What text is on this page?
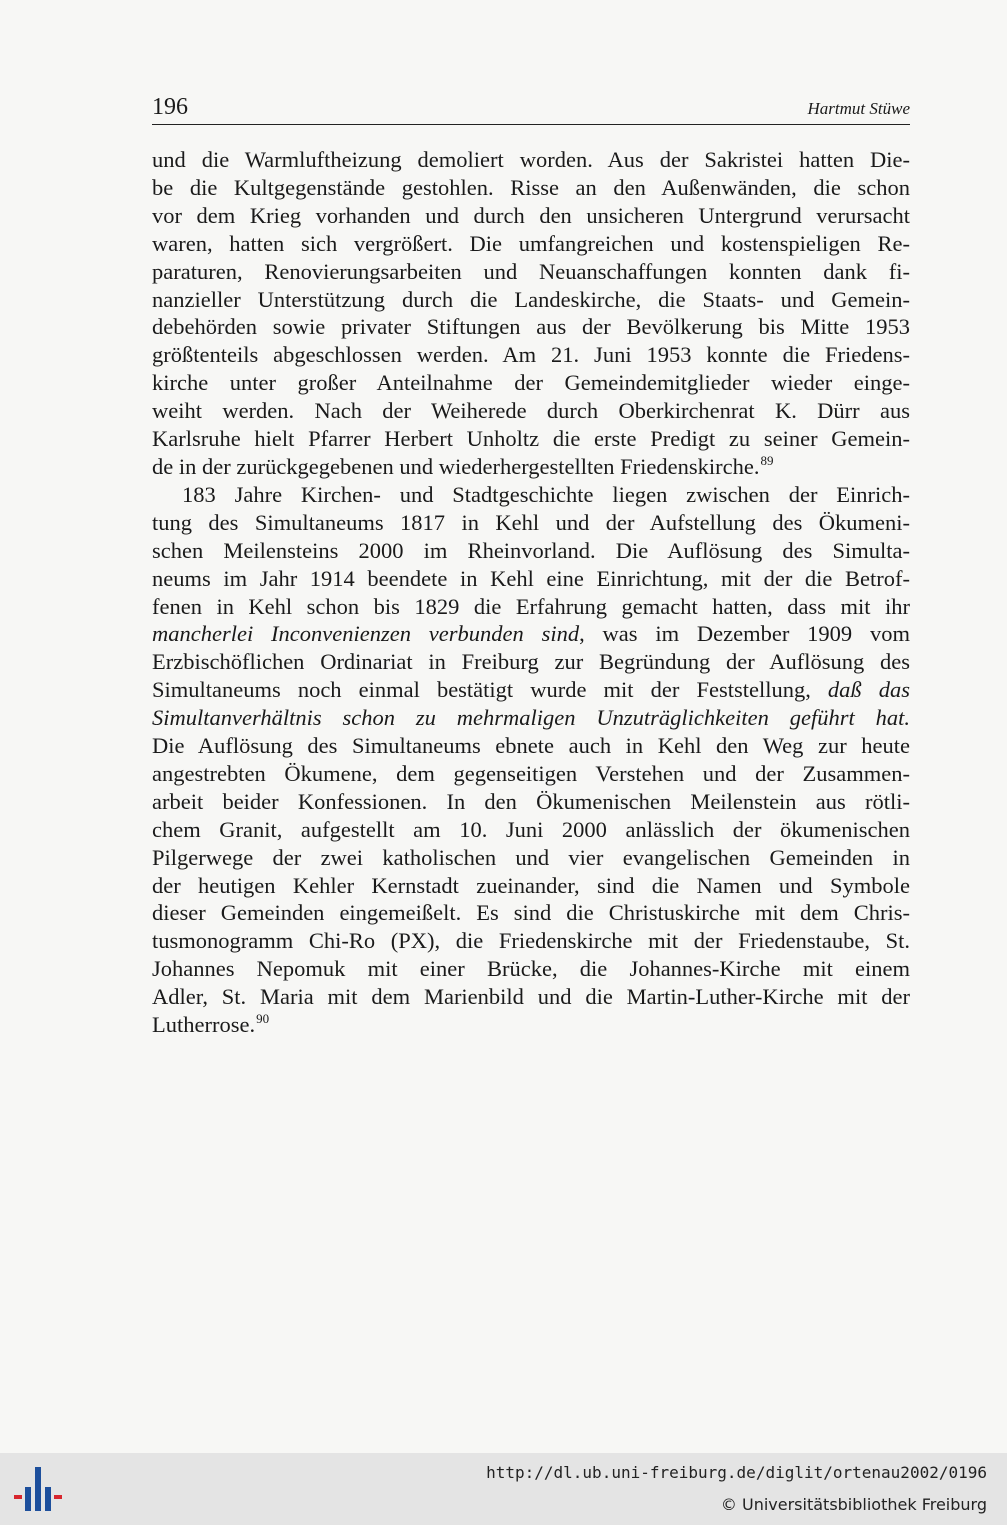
196	Hartmut Stüwe

und die Warmluftheizung demoliert worden. Aus der Sakristei hatten Die-
be die Kultgegenstände gestohlen. Risse an den Außenwänden, die schon
vor dem Krieg vorhanden und durch den unsicheren Untergrund verursacht
waren, hatten sich vergrößert. Die umfangreichen und kostenspieligen Re-
paraturen, Renovierungsarbeiten und Neuanschaffungen konnten dank fi-
nanzieller Unterstützung durch die Landeskirche, die Staats- und Gemein-
debehörden sowie privater Stiftungen aus der Bevölkerung bis Mitte 1953
größtenteils abgeschlossen werden. Am 21. Juni 1953 konnte die Friedens-
kirche unter großer Anteilnahme der Gemeindemitglieder wieder einge-
weiht werden. Nach der Weiherede durch Oberkirchenrat K. Dürr aus
Karlsruhe hielt Pfarrer Herbert Unholtz die erste Predigt zu seiner Gemein-
de in der zurückgegebenen und wiederhergestellten Friedenskirche.$^{89}$

183 Jahre Kirchen- und Stadtgeschichte liegen zwischen der Einrich-
tung des Simultaneums 1817 in Kehl und der Aufstellung des Ökumeni-
schen Meilensteins 2000 im Rheinvorland. Die Auflösung des Simulta-
neums im Jahr 1914 beendete in Kehl eine Einrichtung, mit der die Betrof-
fenen in Kehl schon bis 1829 die Erfahrung gemacht hatten, dass mit ihr
mancherlei Inconvenienzen verbunden sind, was im Dezember 1909 vom
Erzbischöflichen Ordinariat in Freiburg zur Begründung der Auflösung des
Simultaneums noch einmal bestätigt wurde mit der Feststellung, daß das
Simultanverhältnis schon zu mehrmaligen Unzuträglichkeiten geführt hat.
Die Auflösung des Simultaneums ebnete auch in Kehl den Weg zur heute
angestrebten Ökumene, dem gegenseitigen Verstehen und der Zusammen-
arbeit beider Konfessionen. In den Ökumenischen Meilenstein aus rötli-
chem Granit, aufgestellt am 10. Juni 2000 anlässlich der ökumenischen
Pilgerwege der zwei katholischen und vier evangelischen Gemeinden in
der heutigen Kehler Kernstadt zueinander, sind die Namen und Symbole
dieser Gemeinden eingemeißelt. Es sind die Christuskirche mit dem Chris-
tusmonogramm Chi-Ro (PX), die Friedenskirche mit der Friedenstaube, St.
Johannes Nepomuk mit einer Brücke, die Johannes-Kirche mit einem
Adler, St. Maria mit dem Marienbild und die Martin-Luther-Kirche mit der
Lutherrose.$^{90}$

http://dl.ub.uni-freiburg.de/diglit/ortenau2002/0196
© Universitätsbibliothek Freiburg
